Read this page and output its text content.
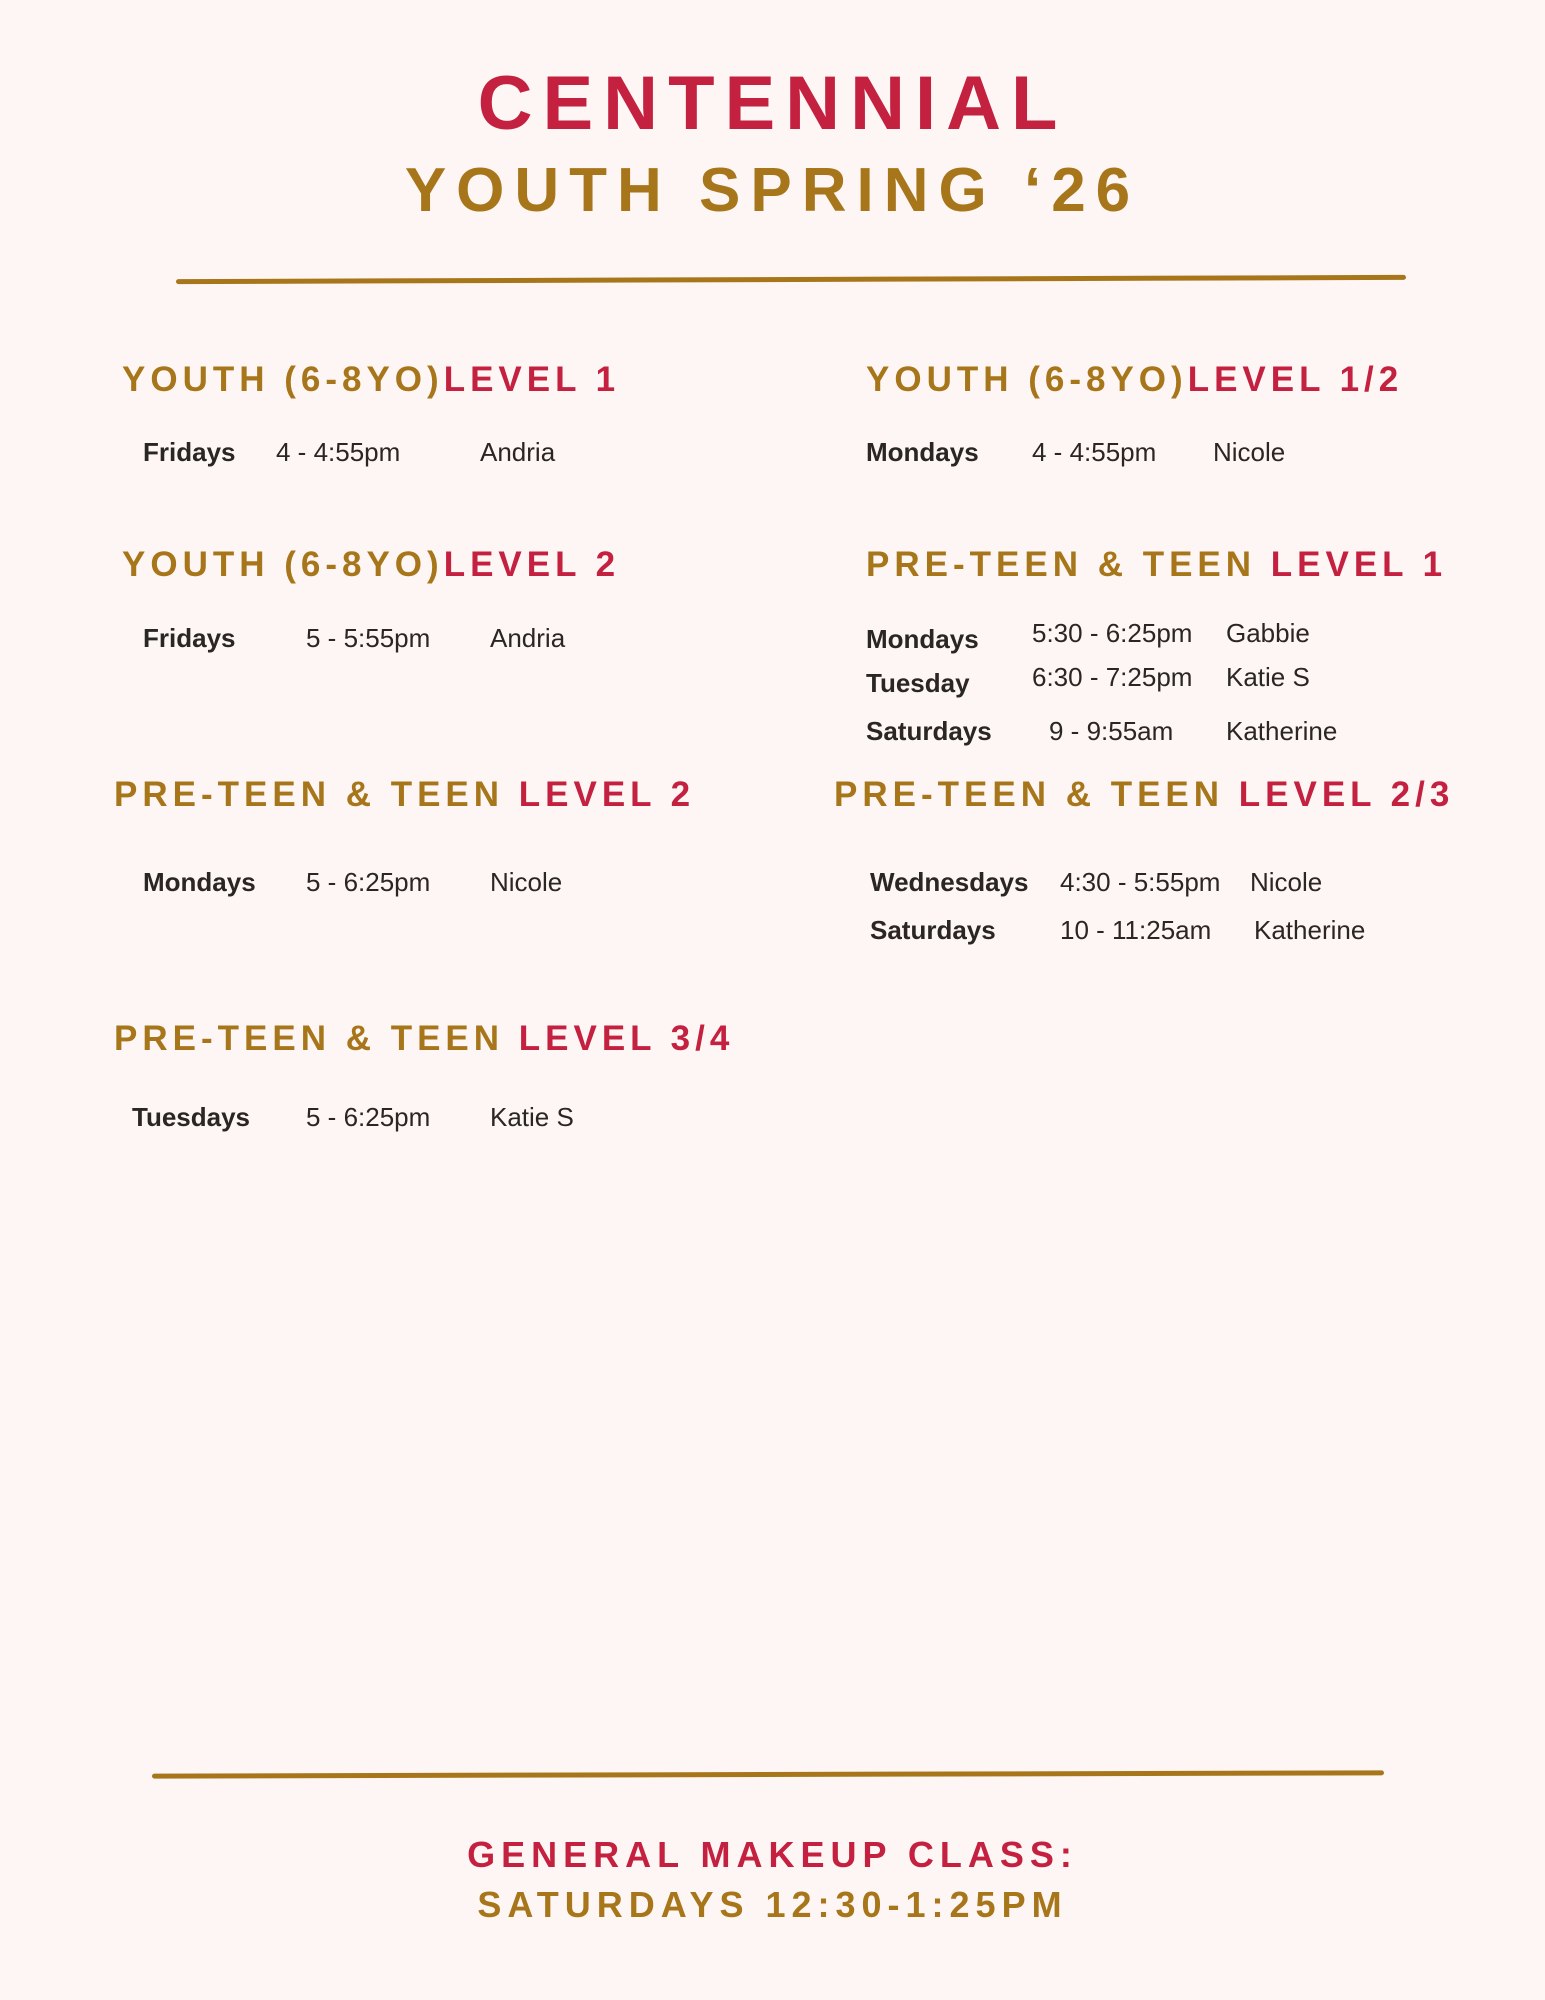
CENTENNIAL
YOUTH SPRING ‘26
YOUTH (6-8YO)LEVEL 1
Fridays 4 - 4:55pm	Andria
YOUTH (6-8YO)LEVEL 1/2
Mondays 4 - 4:55pm Nicole
YOUTH (6-8YO)LEVEL 2
Fridays	5 - 5:55pm Andria
PRE-TEEN & TEEN LEVEL 1
Mondays 5:30 - 6:25pm Gabbie
Tuesday 6:30 - 7:25pm Katie S
Saturdays 9 - 9:55am Katherine
PRE-TEEN & TEEN LEVEL 2
Mondays 5 - 6:25pm Nicole
PRE-TEEN & TEEN LEVEL 2/3
Wednesdays 4:30 - 5:55pm Nicole
Saturdays 10 - 11:25am Katherine
PRE-TEEN & TEEN LEVEL 3/4
Tuesdays 5 - 6:25pm Katie S
GENERAL MAKEUP CLASS:
SATURDAYS 12:30-1:25PM
